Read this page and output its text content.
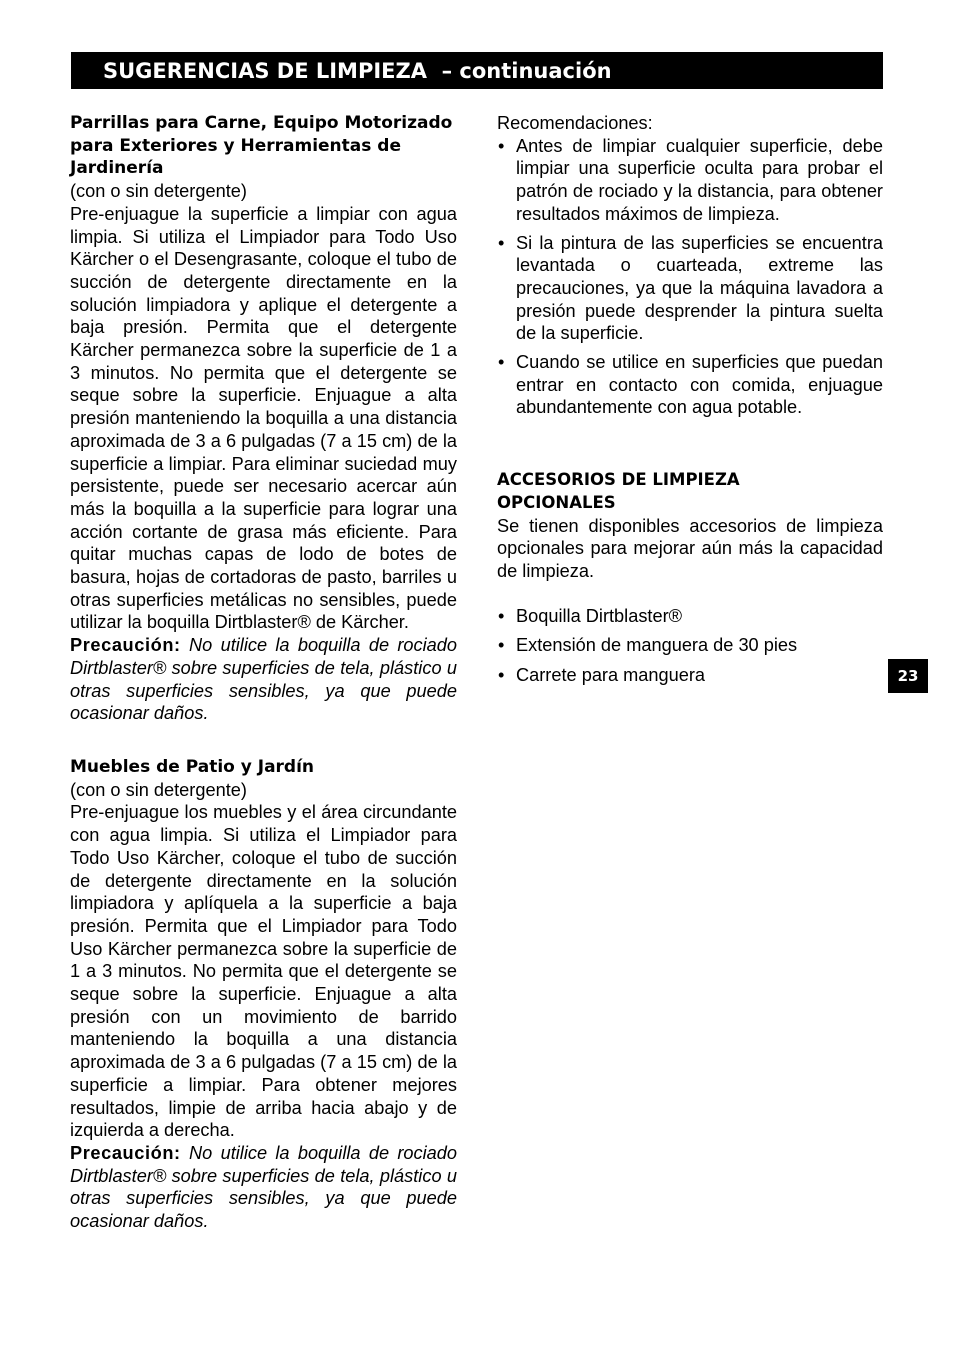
SUGERENCIAS DE LIMPIEZA – continuación
Parrillas para Carne, Equipo Motorizado para Exteriores y Herramientas de Jardinería

(con o sin detergente)

Pre-enjuague la superficie a limpiar con agua limpia. Si utiliza el Limpiador para Todo Uso Kärcher o el Desengrasante, coloque el tubo de succión de detergente directamente en la solución limpiadora y aplique el detergente a baja presión. Permita que el detergente Kärcher permanezca sobre la superficie de 1 a 3 minutos. No permita que el detergente se seque sobre la superficie. Enjuague a alta presión manteniendo la boquilla a una distancia aproximada de 3 a 6 pulgadas (7 a 15 cm) de la superficie a limpiar. Para eliminar suciedad muy persistente, puede ser necesario acercar aún más la boquilla a la superficie para lograr una acción cortante de grasa más eficiente. Para quitar muchas capas de lodo de botes de basura, hojas de cortadoras de pasto, barriles u otras superficies metálicas no sensibles, puede utilizar la boquilla Dirtblaster® de Kärcher.

Precaución: No utilice la boquilla de rociado Dirtblaster® sobre superficies de tela, plástico u otras superficies sensibles, ya que puede ocasionar daños.

Muebles de Patio y Jardín

(con o sin detergente)

Pre-enjuague los muebles y el área circundante con agua limpia. Si utiliza el Limpiador para Todo Uso Kärcher, coloque el tubo de succión de detergente directamente en la solución limpiadora y aplíquela a la superficie a baja presión. Permita que el Limpiador para Todo Uso Kärcher permanezca sobre la superficie de 1 a 3 minutos. No permita que el detergente se seque sobre la superficie. Enjuague a alta presión con un movimiento de barrido manteniendo la boquilla a una distancia aproximada de 3 a 6 pulgadas (7 a 15 cm) de la superficie a limpiar. Para obtener mejores resultados, limpie de arriba hacia abajo y de izquierda a derecha.

Precaución: No utilice la boquilla de rociado Dirtblaster® sobre superficies de tela, plástico u otras superficies sensibles, ya que puede ocasionar daños.

Recomendaciones:

• Antes de limpiar cualquier superficie, debe limpiar una superficie oculta para probar el patrón de rociado y la distancia, para obtener resultados máximos de limpieza.
• Si la pintura de las superficies se encuentra levantada o cuarteada, extreme las precauciones, ya que la máquina lavadora a presión puede desprender la pintura suelta de la superficie.
• Cuando se utilice en superficies que puedan entrar en contacto con comida, enjuague abundantemente con agua potable.
ACCESORIOS DE LIMPIEZA
OPCIONALES

Se tienen disponibles accesorios de limpieza opcionales para mejorar aún más la capacidad de limpieza.

• Boquilla Dirtblaster®
• Extensión de manguera de 30 pies
• Carrete para manguera	23
